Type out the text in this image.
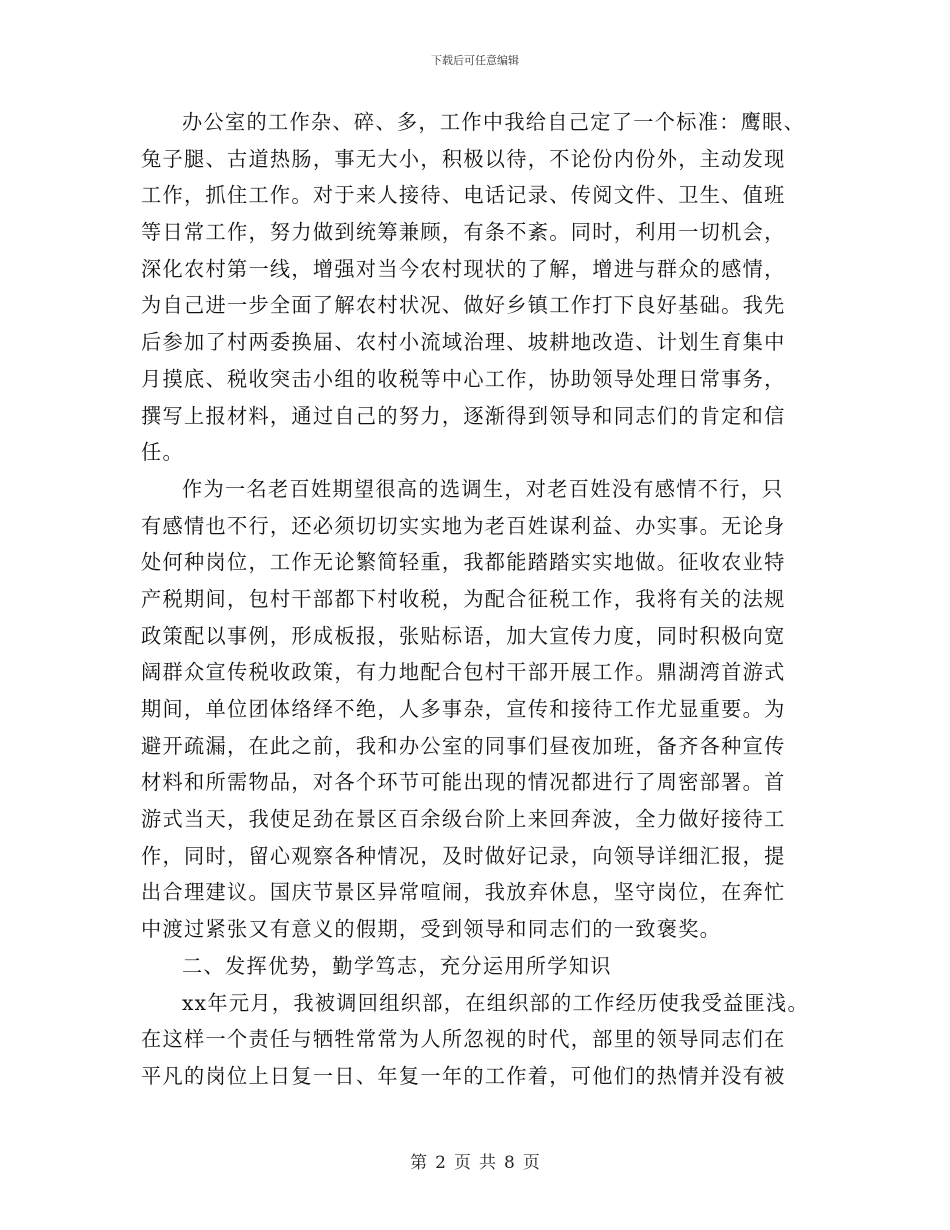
下载后可任意编辑
办公室的工作杂、碎、多，工作中我给自己定了一个标准：鹰眼、
兔子腿、古道热肠，事无大小，积极以待，不论份内份外，主动发现
工作，抓住工作。对于来人接待、电话记录、传阅文件、卫生、值班
等日常工作，努力做到统筹兼顾，有条不紊。同时，利用一切机会，
深化农村第一线，增强对当今农村现状的了解，增进与群众的感情，
为自己进一步全面了解农村状况、做好乡镇工作打下良好基础。我先
后参加了村两委换届、农村小流域治理、坡耕地改造、计划生育集中
月摸底、税收突击小组的收税等中心工作，协助领导处理日常事务，
撰写上报材料，通过自己的努力，逐渐得到领导和同志们的肯定和信
任。
作为一名老百姓期望很高的选调生，对老百姓没有感情不行，只
有感情也不行，还必须切切实实地为老百姓谋利益、办实事。无论身
处何种岗位，工作无论繁简轻重，我都能踏踏实实地做。征收农业特
产税期间，包村干部都下村收税，为配合征税工作，我将有关的法规
政策配以事例，形成板报，张贴标语，加大宣传力度，同时积极向宽
阔群众宣传税收政策，有力地配合包村干部开展工作。鼎湖湾首游式
期间，单位团体络绎不绝，人多事杂，宣传和接待工作尤显重要。为
避开疏漏，在此之前，我和办公室的同事们昼夜加班，备齐各种宣传
材料和所需物品，对各个环节可能出现的情况都进行了周密部署。首
游式当天，我使足劲在景区百余级台阶上来回奔波，全力做好接待工
作，同时，留心观察各种情况，及时做好记录，向领导详细汇报，提
出合理建议。国庆节景区异常喧闹，我放弃休息，坚守岗位，在奔忙
中渡过紧张又有意义的假期，受到领导和同志们的一致褒奖。
二、发挥优势，勤学笃志，充分运用所学知识
xx年元月，我被调回组织部，在组织部的工作经历使我受益匪浅。
在这样一个责任与牺牲常常为人所忽视的时代，部里的领导同志们在
平凡的岗位上日复一日、年复一年的工作着，可他们的热情并没有被
第 2 页 共 8 页
